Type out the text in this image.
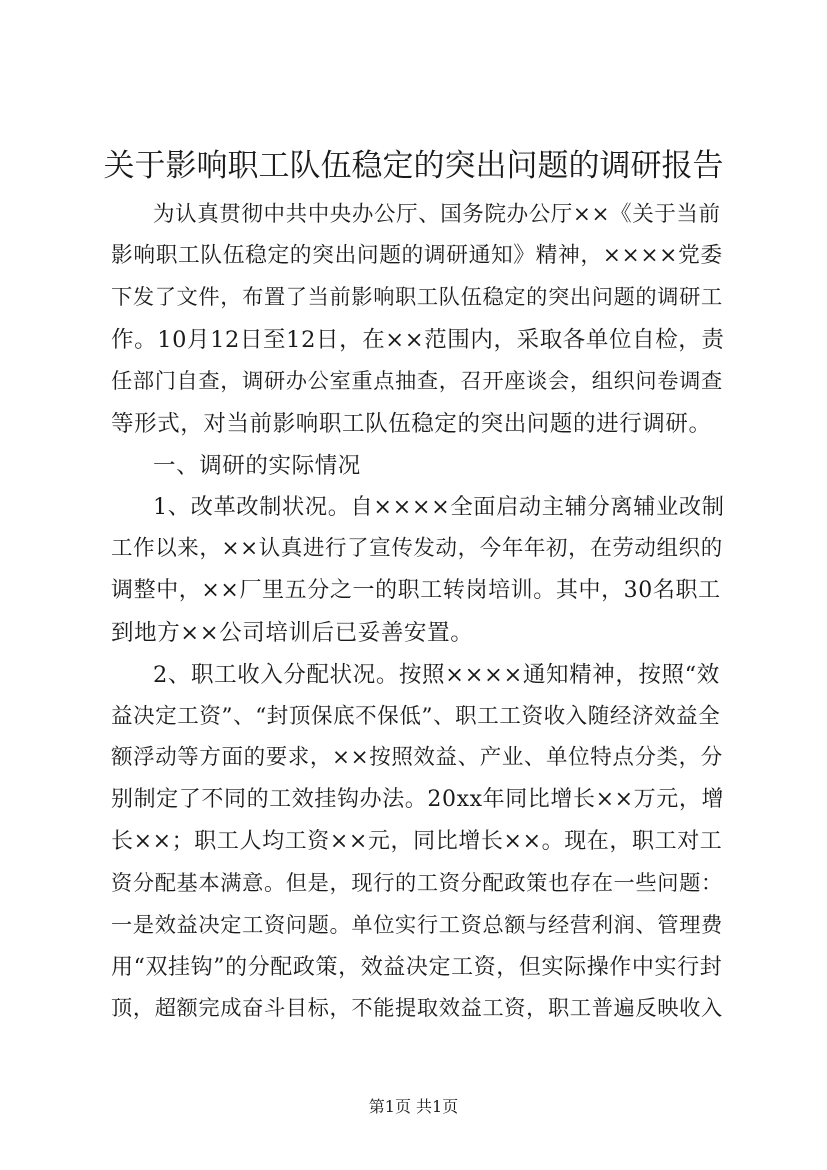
关于影响职工队伍稳定的突出问题的调研报告
为认真贯彻中共中央办公厅、国务院办公厅××《关于当前
影响职工队伍稳定的突出问题的调研通知》精神，××××党委
下发了文件，布置了当前影响职工队伍稳定的突出问题的调研工
作。10月12日至12日，在××范围内，采取各单位自检，责
任部门自查，调研办公室重点抽查，召开座谈会，组织问卷调查
等形式，对当前影响职工队伍稳定的突出问题的进行调研。
一、调研的实际情况
1、改革改制状况。自××××全面启动主辅分离辅业改制
工作以来，××认真进行了宣传发动，今年年初，在劳动组织的
调整中，××厂里五分之一的职工转岗培训。其中，30名职工
到地方××公司培训后已妥善安置。
2、职工收入分配状况。按照××××通知精神，按照“效
益决定工资”、“封顶保底不保低”、职工工资收入随经济效益全
额浮动等方面的要求，××按照效益、产业、单位特点分类，分
别制定了不同的工效挂钩办法。20xx年同比增长××万元，增
长××；职工人均工资××元，同比增长××。现在，职工对工
资分配基本满意。但是，现行的工资分配政策也存在一些问题：
一是效益决定工资问题。单位实行工资总额与经营利润、管理费
用“双挂钩”的分配政策，效益决定工资，但实际操作中实行封
顶，超额完成奋斗目标，不能提取效益工资，职工普遍反映收入
第1页 共1页
